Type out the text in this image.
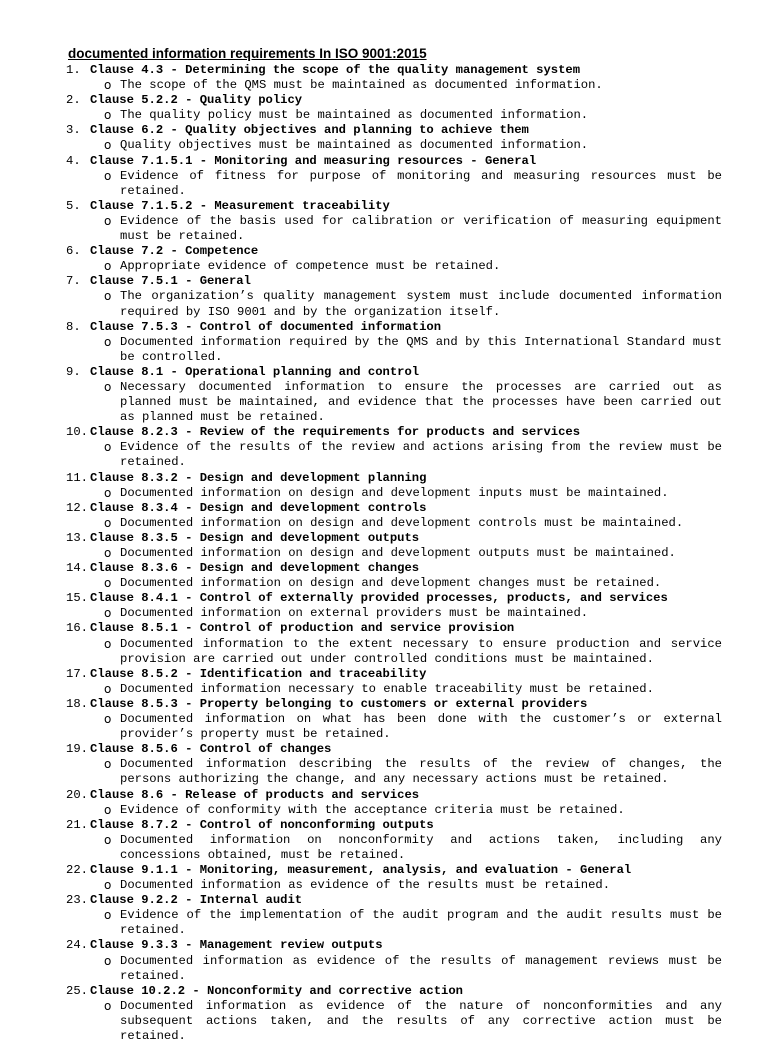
documented information requirements In ISO 9001:2015
1. Clause 4.3 - Determining the scope of the quality management system
o The scope of the QMS must be maintained as documented information.
2. Clause 5.2.2 - Quality policy
o The quality policy must be maintained as documented information.
3. Clause 6.2 - Quality objectives and planning to achieve them
o Quality objectives must be maintained as documented information.
4. Clause 7.1.5.1 - Monitoring and measuring resources - General
o Evidence of fitness for purpose of monitoring and measuring resources must be retained.
5. Clause 7.1.5.2 - Measurement traceability
o Evidence of the basis used for calibration or verification of measuring equipment must be retained.
6. Clause 7.2 - Competence
o Appropriate evidence of competence must be retained.
7. Clause 7.5.1 - General
o The organization’s quality management system must include documented information required by ISO 9001 and by the organization itself.
8. Clause 7.5.3 - Control of documented information
o Documented information required by the QMS and by this International Standard must be controlled.
9. Clause 8.1 - Operational planning and control
o Necessary documented information to ensure the processes are carried out as planned must be maintained, and evidence that the processes have been carried out as planned must be retained.
10. Clause 8.2.3 - Review of the requirements for products and services
o Evidence of the results of the review and actions arising from the review must be retained.
11. Clause 8.3.2 - Design and development planning
o Documented information on design and development inputs must be maintained.
12. Clause 8.3.4 - Design and development controls
o Documented information on design and development controls must be maintained.
13. Clause 8.3.5 - Design and development outputs
o Documented information on design and development outputs must be maintained.
14. Clause 8.3.6 - Design and development changes
o Documented information on design and development changes must be retained.
15. Clause 8.4.1 - Control of externally provided processes, products, and services
o Documented information on external providers must be maintained.
16. Clause 8.5.1 - Control of production and service provision
o Documented information to the extent necessary to ensure production and service provision are carried out under controlled conditions must be maintained.
17. Clause 8.5.2 - Identification and traceability
o Documented information necessary to enable traceability must be retained.
18. Clause 8.5.3 - Property belonging to customers or external providers
o Documented information on what has been done with the customer’s or external provider’s property must be retained.
19. Clause 8.5.6 - Control of changes
o Documented information describing the results of the review of changes, the persons authorizing the change, and any necessary actions must be retained.
20. Clause 8.6 - Release of products and services
o Evidence of conformity with the acceptance criteria must be retained.
21. Clause 8.7.2 - Control of nonconforming outputs
o Documented information on nonconformity and actions taken, including any concessions obtained, must be retained.
22. Clause 9.1.1 - Monitoring, measurement, analysis, and evaluation - General
o Documented information as evidence of the results must be retained.
23. Clause 9.2.2 - Internal audit
o Evidence of the implementation of the audit program and the audit results must be retained.
24. Clause 9.3.3 - Management review outputs
o Documented information as evidence of the results of management reviews must be retained.
25. Clause 10.2.2 - Nonconformity and corrective action
o Documented information as evidence of the nature of nonconformities and any subsequent actions taken, and the results of any corrective action must be retained.
